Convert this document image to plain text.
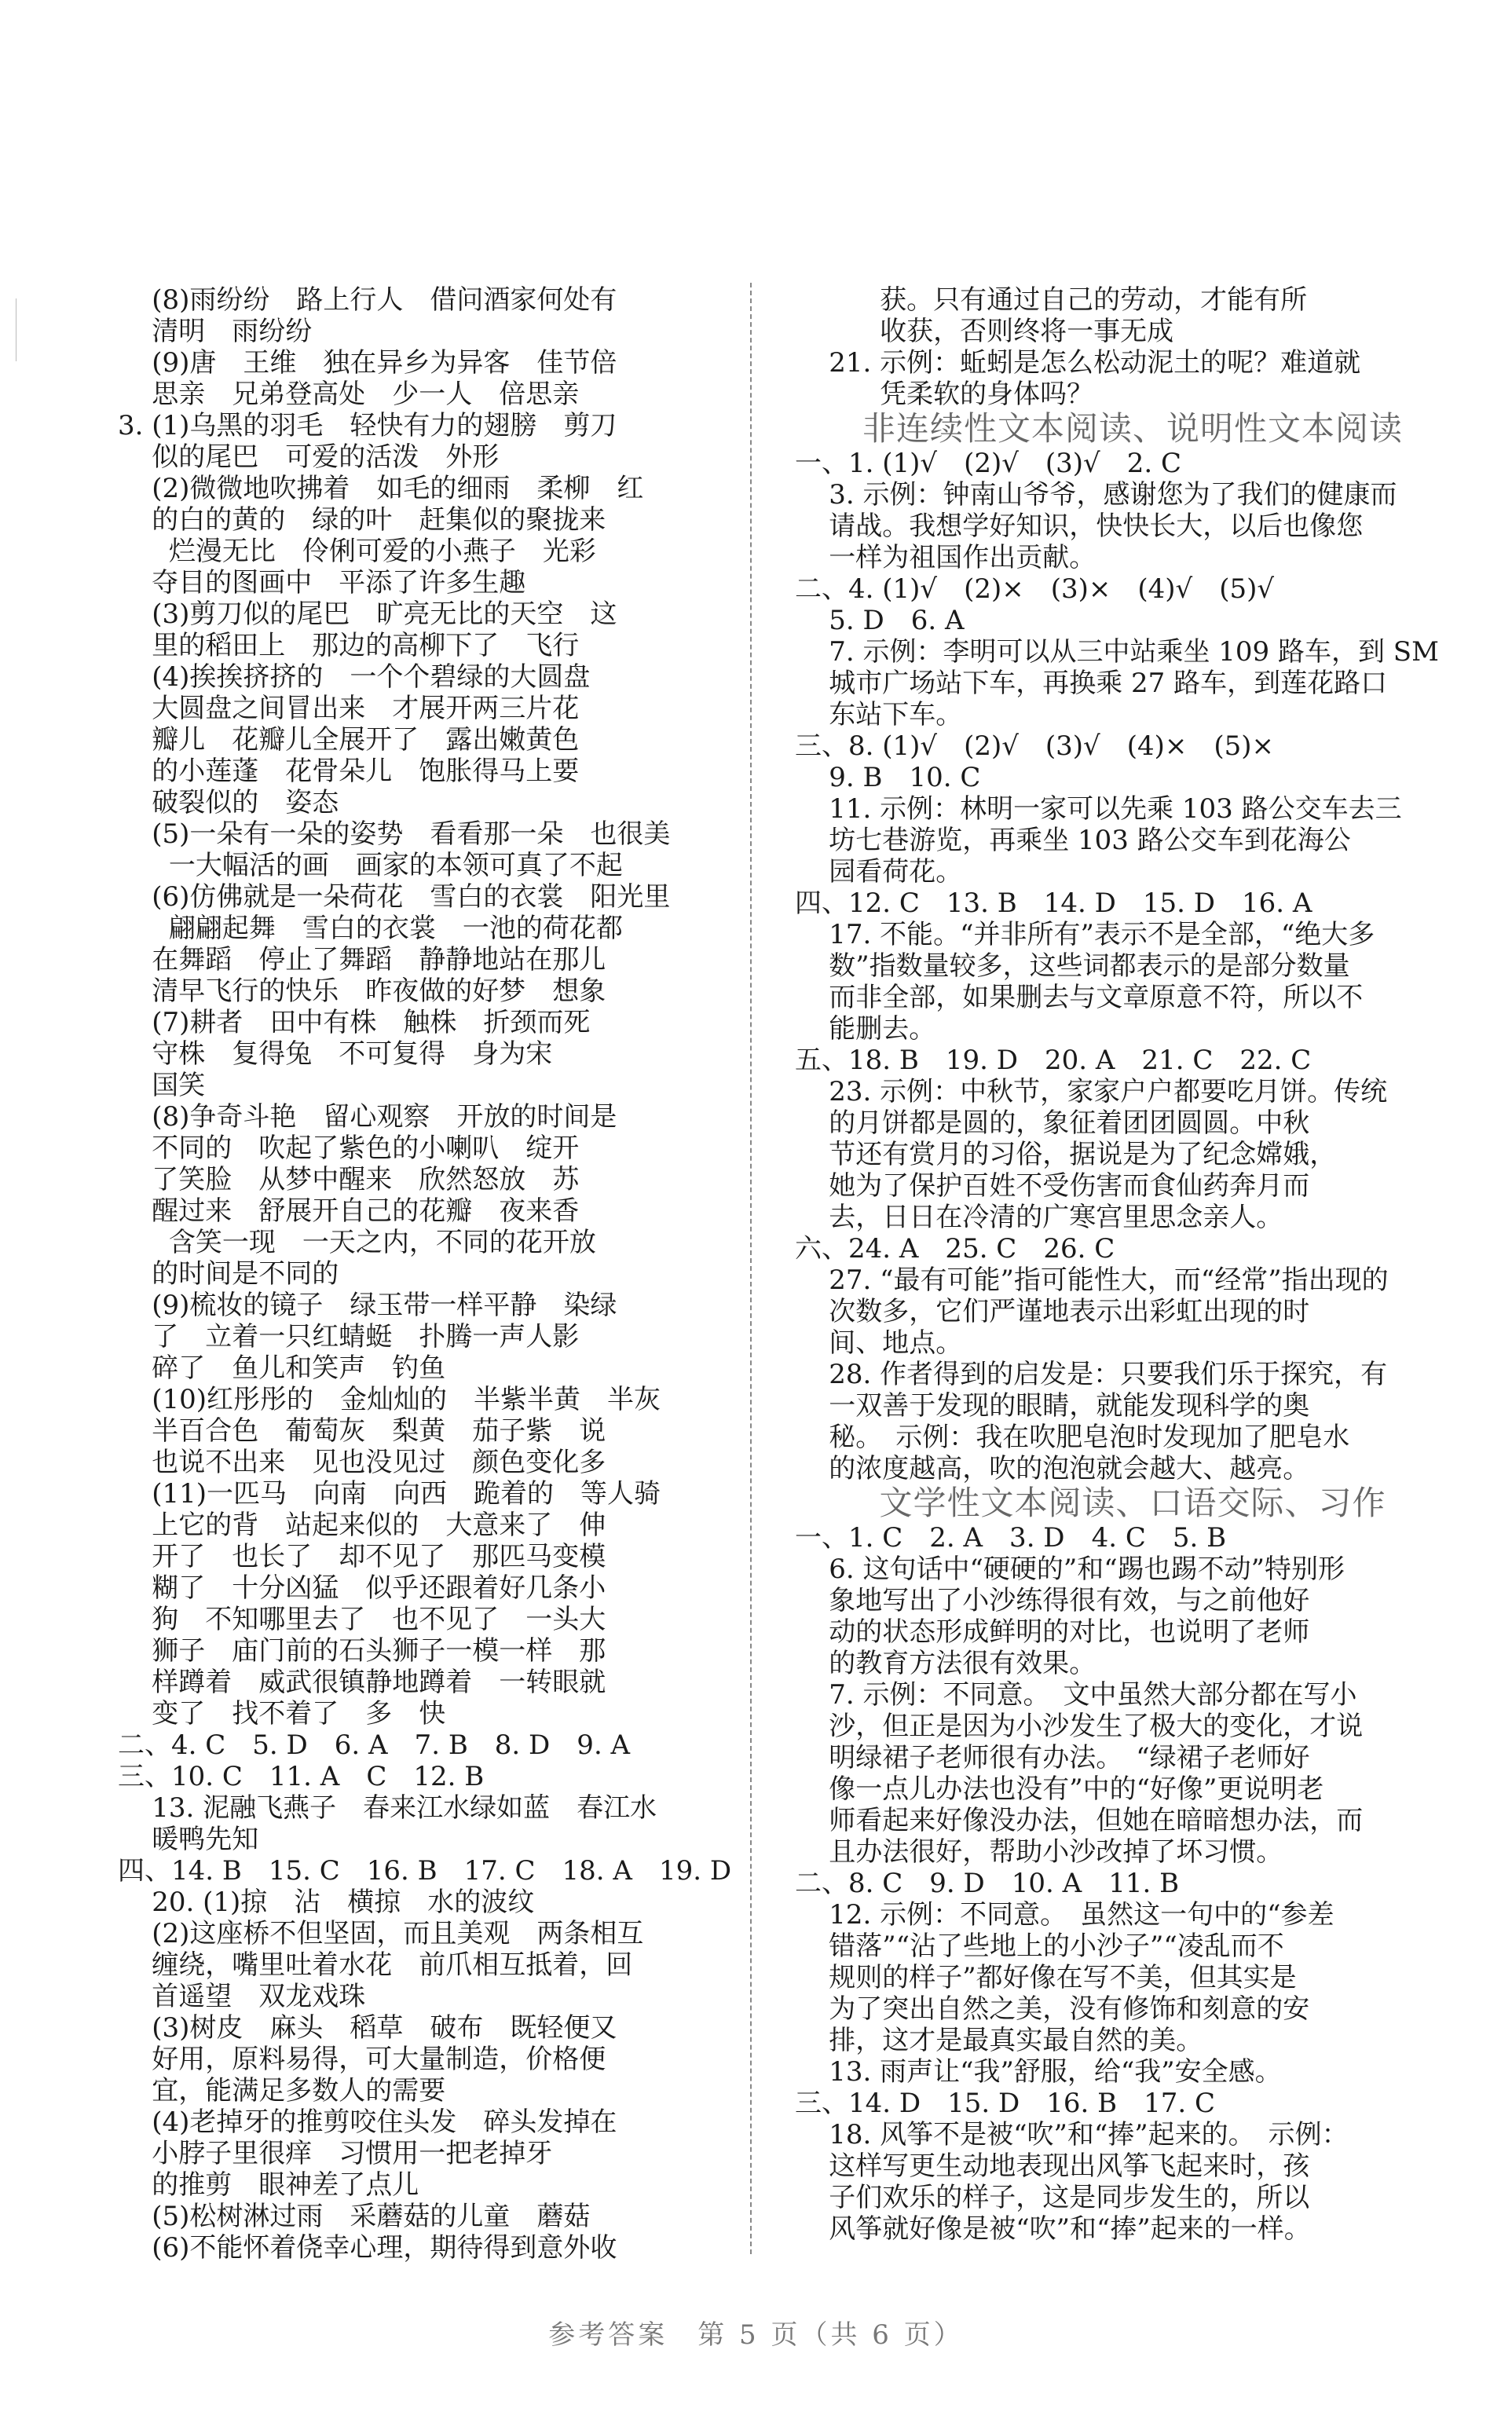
(8)雨纷纷　路上行人　借问酒家何处有
清明　雨纷纷
(9)唐　王维　独在异乡为异客　佳节倍
思亲　兄弟登高处　少一人　倍思亲
3. (1)乌黑的羽毛　轻快有力的翅膀　剪刀
似的尾巴　可爱的活泼　外形
(2)微微地吹拂着　如毛的细雨　柔柳　红
的白的黄的　绿的叶　赶集似的聚拢来
烂漫无比　伶俐可爱的小燕子　光彩
夺目的图画中　平添了许多生趣
(3)剪刀似的尾巴　旷亮无比的天空　这
里的稻田上　那边的高柳下了　飞行
(4)挨挨挤挤的　一个个碧绿的大圆盘
大圆盘之间冒出来　才展开两三片花
瓣儿　花瓣儿全展开了　露出嫩黄色
的小莲蓬　花骨朵儿　饱胀得马上要
破裂似的　姿态
(5)一朵有一朵的姿势　看看那一朵　也很美
一大幅活的画　画家的本领可真了不起
(6)仿佛就是一朵荷花　雪白的衣裳　阳光里
翩翩起舞　雪白的衣裳　一池的荷花都
在舞蹈　停止了舞蹈　静静地站在那儿
清早飞行的快乐　昨夜做的好梦　想象
(7)耕者　田中有株　触株　折颈而死
守株　复得兔　不可复得　身为宋
国笑
(8)争奇斗艳　留心观察　开放的时间是
不同的　吹起了紫色的小喇叭　绽开
了笑脸　从梦中醒来　欣然怒放　苏
醒过来　舒展开自己的花瓣　夜来香
含笑一现　一天之内，不同的花开放
的时间是不同的
(9)梳妆的镜子　绿玉带一样平静　染绿
了　立着一只红蜻蜓　扑腾一声人影
碎了　鱼儿和笑声　钓鱼
(10)红彤彤的　金灿灿的　半紫半黄　半灰
半百合色　葡萄灰　梨黄　茄子紫　说
也说不出来　见也没见过　颜色变化多
(11)一匹马　向南　向西　跪着的　等人骑
上它的背　站起来似的　大意来了　伸
开了　也长了　却不见了　那匹马变模
糊了　十分凶猛　似乎还跟着好几条小
狗　不知哪里去了　也不见了　一头大
狮子　庙门前的石头狮子一模一样　那
样蹲着　威武很镇静地蹲着　一转眼就
变了　找不着了　多　快
二、4. C　5. D　6. A　7. B　8. D　9. A
三、10. C　11. A　C　12. B
13. 泥融飞燕子　春来江水绿如蓝　春江水
暖鸭先知
四、14. B　15. C　16. B　17. C　18. A　19. D
20. (1)掠　沾　横掠　水的波纹
(2)这座桥不但坚固，而且美观　两条相互
缠绕，嘴里吐着水花　前爪相互抵着，回
首遥望　双龙戏珠
(3)树皮　麻头　稻草　破布　既轻便又
好用，原料易得，可大量制造，价格便
宜，能满足多数人的需要
(4)老掉牙的推剪咬住头发　碎头发掉在
小脖子里很痒　习惯用一把老掉牙
的推剪　眼神差了点儿
(5)松树淋过雨　采蘑菇的儿童　蘑菇
(6)不能怀着侥幸心理，期待得到意外收
获。只有通过自己的劳动，才能有所
收获，否则终将一事无成
21. 示例：蚯蚓是怎么松动泥土的呢？难道就
凭柔软的身体吗？
非连续性文本阅读、说明性文本阅读
一、1. (1)√　(2)√　(3)√　2. C
3. 示例：钟南山爷爷，感谢您为了我们的健康而
请战。我想学好知识，快快长大，以后也像您
一样为祖国作出贡献。
二、4. (1)√　(2)×　(3)×　(4)√　(5)√
5. D　6. A
7. 示例：李明可以从三中站乘坐 109 路车，到 SM
城市广场站下车，再换乘 27 路车，到莲花路口
东站下车。
三、8. (1)√　(2)√　(3)√　(4)×　(5)×
9. B　10. C
11. 示例：林明一家可以先乘 103 路公交车去三
坊七巷游览，再乘坐 103 路公交车到花海公
园看荷花。
四、12. C　13. B　14. D　15. D　16. A
17. 不能。“并非所有”表示不是全部，“绝大多
数”指数量较多，这些词都表示的是部分数量
而非全部，如果删去与文章原意不符，所以不
能删去。
五、18. B　19. D　20. A　21. C　22. C
23. 示例：中秋节，家家户户都要吃月饼。传统
的月饼都是圆的，象征着团团圆圆。中秋
节还有赏月的习俗，据说是为了纪念嫦娥，
她为了保护百姓不受伤害而食仙药奔月而
去，日日在冷清的广寒宫里思念亲人。
六、24. A　25. C　26. C
27. “最有可能”指可能性大，而“经常”指出现的
次数多，它们严谨地表示出彩虹出现的时
间、地点。
28. 作者得到的启发是：只要我们乐于探究，有
一双善于发现的眼睛，就能发现科学的奥
秘。　示例：我在吹肥皂泡时发现加了肥皂水
的浓度越高，吹的泡泡就会越大、越亮。
文学性文本阅读、口语交际、习作
一、1. C　2. A　3. D　4. C　5. B
6. 这句话中“硬硬的”和“踢也踢不动”特别形
象地写出了小沙练得很有效，与之前他好
动的状态形成鲜明的对比，也说明了老师
的教育方法很有效果。
7. 示例：不同意。　文中虽然大部分都在写小
沙，但正是因为小沙发生了极大的变化，才说
明绿裙子老师很有办法。　“绿裙子老师好
像一点儿办法也没有”中的“好像”更说明老
师看起来好像没办法，但她在暗暗想办法，而
且办法很好，帮助小沙改掉了坏习惯。
二、8. C　9. D　10. A　11. B
12. 示例：不同意。　虽然这一句中的“参差
错落”“沾了些地上的小沙子”“凌乱而不
规则的样子”都好像在写不美，但其实是
为了突出自然之美，没有修饰和刻意的安
排，这才是最真实最自然的美。
13. 雨声让“我”舒服，给“我”安全感。
三、14. D　15. D　16. B　17. C
18. 风筝不是被“吹”和“捧”起来的。　示例：
这样写更生动地表现出风筝飞起来时，孩
子们欢乐的样子，这是同步发生的，所以
风筝就好像是被“吹”和“捧”起来的一样。
参考答案　第 5 页（共 6 页）
